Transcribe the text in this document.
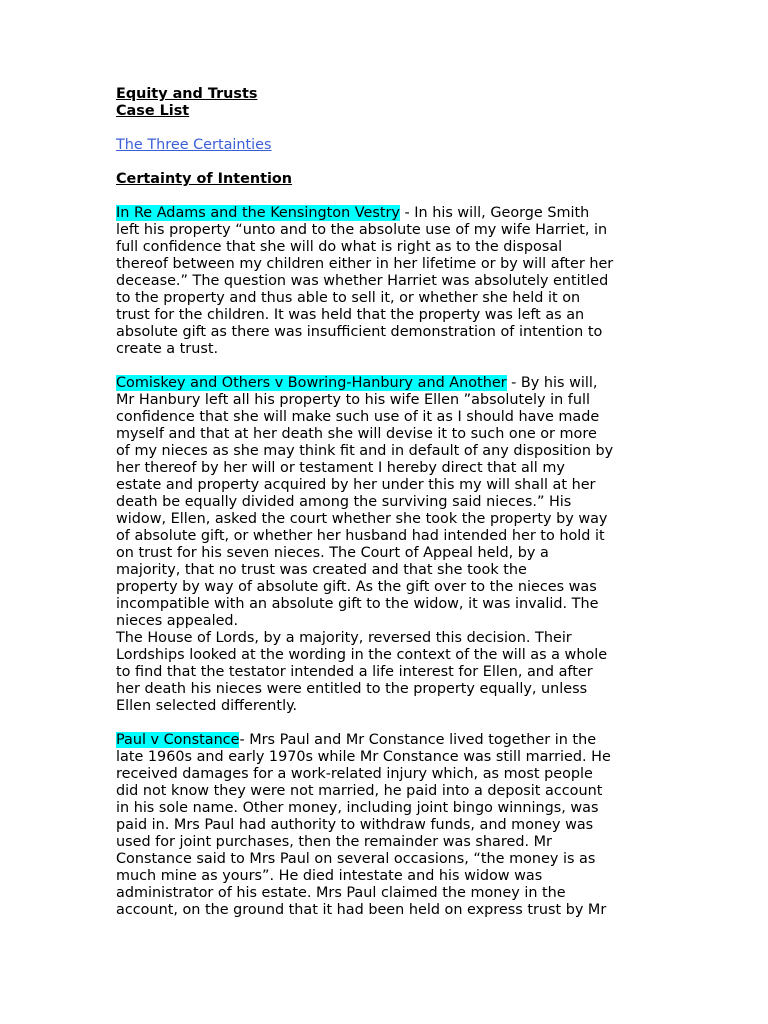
Equity and Trusts
Case List
The Three Certainties
Certainty of Intention
In Re Adams and the Kensington Vestry - In his will, George Smith
left his property “unto and to the absolute use of my wife Harriet, in
full confidence that she will do what is right as to the disposal
thereof between my children either in her lifetime or by will after her
decease.” The question was whether Harriet was absolutely entitled
to the property and thus able to sell it, or whether she held it on
trust for the children. It was held that the property was left as an
absolute gift as there was insufficient demonstration of intention to
create a trust.
Comiskey and Others v Bowring-Hanbury and Another - By his will,
Mr Hanbury left all his property to his wife Ellen ”absolutely in full
confidence that she will make such use of it as I should have made
myself and that at her death she will devise it to such one or more
of my nieces as she may think fit and in default of any disposition by
her thereof by her will or testament I hereby direct that all my
estate and property acquired by her under this my will shall at her
death be equally divided among the surviving said nieces.” His
widow, Ellen, asked the court whether she took the property by way
of absolute gift, or whether her husband had intended her to hold it
on trust for his seven nieces. The Court of Appeal held, by a
majority, that no trust was created and that she took the
property by way of absolute gift. As the gift over to the nieces was
incompatible with an absolute gift to the widow, it was invalid. The
nieces appealed.
The House of Lords, by a majority, reversed this decision. Their
Lordships looked at the wording in the context of the will as a whole
to find that the testator intended a life interest for Ellen, and after
her death his nieces were entitled to the property equally, unless
Ellen selected differently.
Paul v Constance- Mrs Paul and Mr Constance lived together in the
late 1960s and early 1970s while Mr Constance was still married. He
received damages for a work-related injury which, as most people
did not know they were not married, he paid into a deposit account
in his sole name. Other money, including joint bingo winnings, was
paid in. Mrs Paul had authority to withdraw funds, and money was
used for joint purchases, then the remainder was shared. Mr
Constance said to Mrs Paul on several occasions, “the money is as
much mine as yours”. He died intestate and his widow was
administrator of his estate. Mrs Paul claimed the money in the
account, on the ground that it had been held on express trust by Mr
